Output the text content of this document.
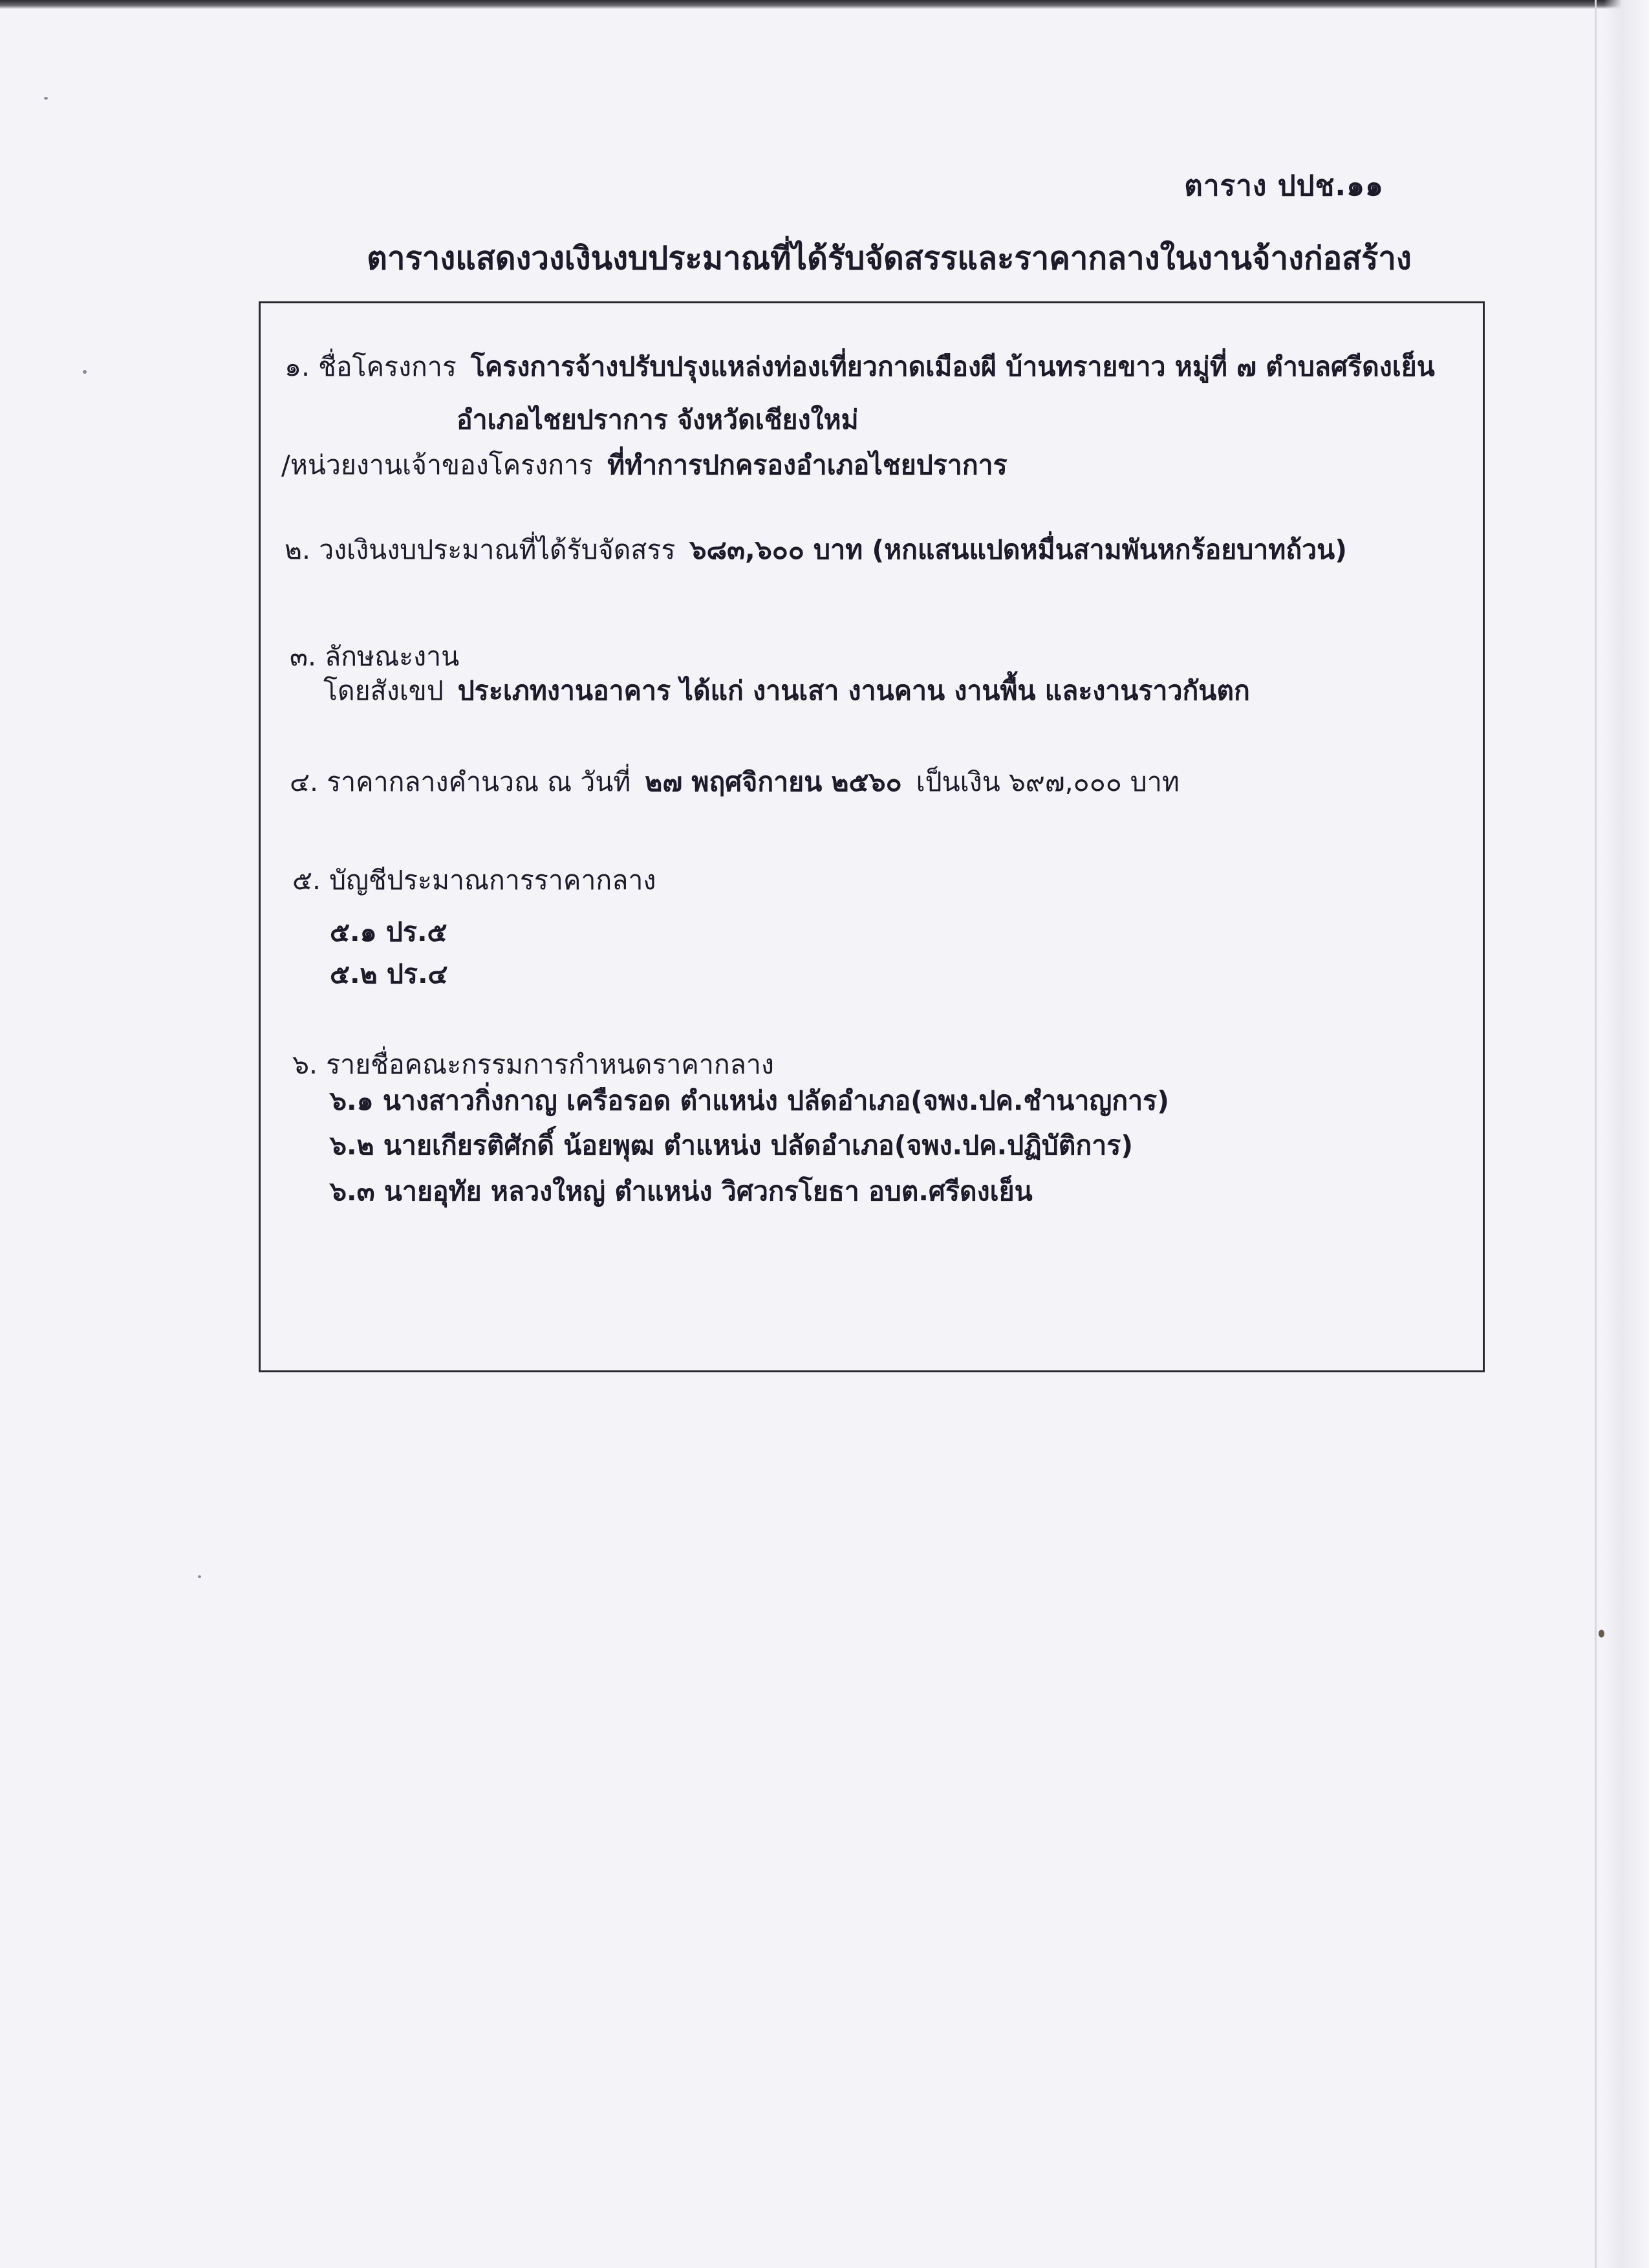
ตาราง ปปช.๑๑
ตารางแสดงวงเงินงบประมาณที่ได้รับจัดสรรและราคากลางในงานจ้างก่อสร้าง
๑. ชื่อโครงการ โครงการจ้างปรับปรุงแหล่งท่องเที่ยวกาดเมืองผี บ้านทรายขาว หมู่ที่ ๗ ตำบลศรีดงเย็น
อำเภอไชยปราการ จังหวัดเชียงใหม่
/หน่วยงานเจ้าของโครงการ ที่ทำการปกครองอำเภอไชยปราการ
๒. วงเงินงบประมาณที่ได้รับจัดสรร ๖๘๓,๖๐๐ บาท (หกแสนแปดหมื่นสามพันหกร้อยบาทถ้วน)
๓. ลักษณะงาน
โดยสังเขป ประเภทงานอาคาร ได้แก่ งานเสา งานคาน งานพื้น และงานราวกันตก
๔. ราคากลางคำนวณ ณ วันที่ ๒๗ พฤศจิกายน ๒๕๖๐ เป็นเงิน ๖๙๗,๐๐๐ บาท
๕. บัญชีประมาณการราคากลาง
๕.๑ ปร.๕
๕.๒ ปร.๔
๖. รายชื่อคณะกรรมการกำหนดราคากลาง
๖.๑ นางสาวกิ่งกาญ เครือรอด ตำแหน่ง ปลัดอำเภอ(จพง.ปค.ชำนาญการ)
๖.๒ นายเกียรติศักดิ์ น้อยพุฒ ตำแหน่ง ปลัดอำเภอ(จพง.ปค.ปฏิบัติการ)
๖.๓ นายอุทัย หลวงใหญ่ ตำแหน่ง วิศวกรโยธา อบต.ศรีดงเย็น
